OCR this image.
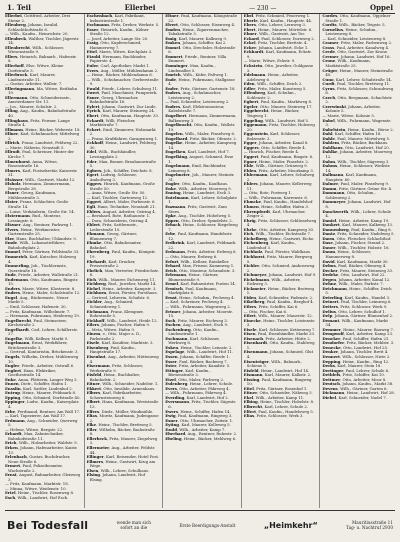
1. Teil	Ellerbei	— 230 —	Oppel

Ellerbei, Gottfried, Arbeiter, Drei Steine 2.

Ellenberg, Johann, Invalid, Schlachthofstraße 8.

— Wilh., Kaufm., Heinrichstr. 20.

Ellenbeck, Walther, Tischler, Jägerstr. 14.

Ellenbrecht, Wilh., Schlosser, Wiesenstraße 9.

Ellers, Heinrich, Bahnarb., Hafenstr. 8.

Ellerhoff, Else, Witwe, Kleine Dorfstraße 3.

Ellerbrock, Karl, Maurer, Lindenstraße 11.

— Gustav, Arbeiter, Wallstr. 7.

Elleringmann, Ida, Witwe, Reitbahn 19.

Ellermann, Otto, Schneidermstr., Amsterdamer Str. 11.

— Jos., Maurer, Schulstr. 2.

Elling, Aug., Kaufm., Bahnhofstraße 40.

Ellinghaus, Fritz, Former, Lange Straße 4.

Ellmann, Heinr., Bäcker, Weberstr. 18.

Ellner, Karl, Schuhmacher, Mittelweg 3.

Ellrich, Franz, Landwirt, Feldweg 22.

— Marie, Näherin, Neustadt 5.

Ellrodt, Paul, Schreiner, Hinter der Kirche 7.

Elmenhorst, Anna, Witwe, Rosenstraße 16.

Elmers, Karl, Postsekretär, Kaiserstr. 31.

Elsässer, Wilh., Gastwirt, Markt 12.

Elsholz, Hermann, Zimmermann, Bergstraße 28.

Elsner, Georg, Kaufmann, Mühlenstraße 3.

Elster, Franz, Schlachter, Große Straße 14.

— Luise, Verkäuferin, Große Str. 14.

Elstermann, Rud., Monteur, Lessingstr. 6.

Eltzner, Aug., Rentner, Parkweg 1.

Elvers, Heinr., Werkmeister, Gartenstraße 25.

Elze, Hans, Buchhalter, Uhlandstr. 9.

Emde, Wilh., Lokomotivführer, Bahnhofsplatz 2.

Emmel, Peter, Gärtner, Feldstraße 33.

Emmerich, Karl, Kutscher, Holzweg 4.

Emmerling, Joh., Tischlermstr., Querstraße 18.

Ende, Friedr., Arbeiter, Wallstraße 21.

Endemann, Otto, Kaufmann, Ringstr. 15.

Enders, Marie, Witwe, Klosterstr. 8.

Endres, Heinr., Maler, Schulstraße 12.

Engel, Aug., Bäckermstr., Neuer Markt 5.

— Emil, Schlosser, Hafenstr. 30.

— Fritz, Kaufmann, Wilhelmstr. 7.

— Hermann, Fuhrmann, Heideweg 19.

Engelbrecht, Paul, Steinsetzer, Kirchstraße 2.

Engelhardt, Carl, Lehrer, Schillerstr. 27.

Engelke, Willi, Kellner, Markt 9.

Engelmann, Ernst, Werkführer, Brückenstraße 3.

— Gertrud, Kontoristin, Brückenstr. 3.

Engels, Wilhelm, Dreher, Mühlenweg 10.

Engler, Friedr., Arbeiter, Ostwall 6.

Englert, Hans, Elektriker, Goethestraße 14.

Enke, Anna, Plätterin, Langer Weg 3.

Ennen, Dietr., Schiffer, Hafen 1.

Ensslin, Karl, Sattler, Lindenhof 2.

Entrup, Heinr., Maurer, Feldmark 8.

Epping, Otto, Schmied, Dorfstraße 40.

Eppinger, Ludw., Kaufm., Kaiserplatz 4.

Erbe, Ferdinand, Rentner, Am Wall 17.

— Karl, Tapezierer, Am Wall 17.

Erdmann, Aug., Schneider, Querweg 5.

— Helene, Witwe, Bergstr. 22.

Erhardt, Max, Zahntechniker, Bahnhofstraße 11.

Erich, Wilh., Holzarbeiter, Waldstr. 9.

Erken, Johann, Hafenarbeiter, Kaistr. 13.

Erlenbach, Gustav, Buchdrucker, Neue Straße 6.

Ermert, Paul, Polizeibeamter, Wachstraße 2.

Ernst, August, Bahnarbeiter, Gleisweg 3.

— Fritz, Kaufmann, Marktstr. 18.

— Minna, Witwe, Weidenstr. 10.

Ertel, Heinr., Tischler, Rosenweg 8.

Esch, Wilh., Landwirt, Hof Esch.

Eschenbach, Karl, Fabrikant, Industriestraße 1.

Eschmann, Fritz, Dreher, Werkstr. 5.

Esser, Heinrich, Kaufm., Kölner Straße 12.

— Josef, Arbeiter, Lange Str. 20.

Essig, Otto, Kupferschmied, Hammerweg 7.

Ettel, Marie, Witwe, Kirchplatz 3.

Etzold, Hermann, Buchbinder, Papierstr. 4.

Euler, Carl, Apotheker, Markt 1.

Evers, Aug., Müller, Mühlendamm 2.

— Heinr., Bäcker, Mühlendamm 6.

— Wilh., Schuhmacher, Gerberstraße 9.

Ewald, Friedr., Lehrer, Schulweg 11.

Ewert, Paul, Maschinist, Pumpwerk.

Exner, Georg, Uhrmacher, Bahnhofstraße 16.

Eylert, Johann, Gastwirt, Zur Linde.

Eyrich, Karl, Maurer, Steinweg 24.

Ebert, Otto, Kaufmann, Hauptstr. 33.

Eckardt, Willi, Fleischer, Marktstraße 7.

Eckert, Emil, Zimmerer, Holzmarkt 2.

— Franz, Kraftfahrer, Garagenweg 1.

Eckhoff, Heinr., Landwirt, Feldweg 30.

Edel, Wilh., Buchhändler, Lessingplatz 2.

Eder, Max, Brauer, Brauhausstraße 5.

Egbers, Joh., Schiffer, Deichstr. 8.

Egert, Ludwig, Schlosser, Amboßweg 3.

Eggers, Hinrich, Kaufmann, Große Straße 50.

— Anna, Witwe, Große Str. 50.

— Karl, Tischler, Gartenweg 12.

Eggert, Albert, Maler, Farbenstr. 6.

Egli, Hans, Techniker, Neustadt 21.

Ehlers, August, Arbeiter, Ostring 4.

— Bernhard, Bote, Rathausstr. 1.

— Dora, Schneiderin, Ostring 4.

Ehlert, Fritz, Sattlermstr., Lederstraße 10.

Ehmann, Georg, Gärtner, Blumenweg 7.

Ehmke, Otto, Bahnbeamter, Bahnhof.

Ehrenberg, Paul, Kaufm., Königstr. 19.

Ehrhardt, Karl, Drucker, Pressestraße 2.

Ehrlich, Max, Vertreter, Friedrichstr. 8.

Eich, Wilh., Maurer, Eichenweg 11.

Eichberg, Rud., Juwelier, Markt 14.

Eichel, Heinr., Arbeiter, Kampstr. 3.

Eichhorn, Ernst, Förster, Forsthaus.

— Gertrud, Lehrerin, Schulstr. 6.

Eichler, Aug., Schmied, Schmiedeweg 1.

Eichmann, Franz, Klempner, Rohrstraße 5.

Eickhoff, Wilh., Landwirt, Heide 12.

Eilers, Johann, Fischer, Hafen 9.

— Meta, Witwe, Hafen 9.

Einem, v., Otto, Major a. D., Parkstraße 2.

Eisele, Karl, Konditor, Marktstr. 3.

Eisenberg, Paul, Kaufm., Hauptstraße 17.

Eisenhut, Aug., Arbeiter, Hüttenweg 4.

Eisermann, Fritz, Schlosser, Werkstraße 9.

Eisfeld, Heinr., Buchhalter, Bahnhofstr. 2.

Eitner, Wilh., Schneider, Nadelstr. 1.

Ekkert, Otto, Invalide, Armenhaus.

Elbers, Karl, Fabrikarbeiter, Schornsteinweg 6.

Elbert, Hans, Kaufmann, Weststraße 13.

Elfers, Diedr., Müller, Windmühle.

Elias, Moritz, Kaufmann, Judengasse 2.

Elke, Heinr., Tischler, Brettweg 5.

Eller, Wilhelm, Bäcker, Backstraße 8.

Ellerbeck, Fritz, Maurer, Ziegelweg 3.

Ellermeier, Aug., Arbeiter, Feldstr. 44.

Ellinger, Karl, Reisender, Hotel Post.

Ellmers, Heinr., Gastwirt, Krug am Wege.

Elsen, Wilh., Lehrer, Schulhaus.

Elsing, Johann, Landwirt, Hof Elsing.

Eltner, Paul, Kaufmann, Königstraße 22.

Elvert, Otto, Schlosser, Eisenweg 4.

Emden, Heinr., Zigarrenmacher, Tabakstraße 3.

Emig, Karl, Maurer, Kalkweg 9.

Emken, Johann, Schiffer, Kai 2.

Emmel, Otto, Drechsler, Holzstraße 6.

Emmert, Friedr., Rentner, Villa Emmert.

Emminger, Max, Kaufm., Lindenallee 5.

Emrich, Wilh., Küfer, Faßweg 1.

Ende, Heinr., Fuhrmann, Stallgasse 4.

Ender, Fritz, Gärtner, Gartenstr. 18.

Enders, Aug., Schuhmacher, Leistenweg 2.

— Paul, Schneider, Leistenweg 2.

Endres, Karl, Elektromonteur, Kabelstraße 7.

Engelbert, Hermann, Zimmermann, Balkenweg 3.

Engelbracht, Otto, Kaufm., Wallstr. 19.

Engelen, Wilh., Maler, Pinselweg 6.

Engelhard, Fritz, Bäcker, Ofenstr. 2.

Engelke, Heinr., Arbeiter, Kampweg 14.

Engelken, Karl, Landwirt, Hof 7.

Engelking, August, Schmied, Esse 1.

Engelmann, Emil, Buchbinder, Leimweg 8.

Engelmeier, Joh., Maurer, Steinstr. 31.

Engler, Otto, Kaufm., Kaufhaus.

Enke, Wilh., Arbeiter, Moorweg 9.

Enning, Heinr., Landwirt, Esch 3.

Entelmann, Karl, Lehrer, Schulplatz 1.

Enzmann, Fritz, Gastwirt, Zum Stern.

Epke, Aug., Tischler, Hobelweg 5.

Eppen, Otto, Dreher, Spindelstr. 2.

Erbach, Heinr., Schlosser, Riegelweg 7.

Erbe, Paul, Kaufmann, Handelsstr. 12.

Erdbrink, Karl, Landwirt, Feldmark 22.

Erdmann, Fritz, Arbeiter, Erdweg 6.

— Otto, Maurer, Erdweg 6.

Erfurt, Wilh., Kellner, Ratskeller.

Erhard, Max, Friseur, Kammweg 1.

Erich, Otto, Monteur, Schraubstr. 3.

Erlemann, Heinr., Gärtner, Blumenstraße 9.

Ermel, Karl, Bahnwärter, Posten 14.

Ermisch, Paul, Kaufmann, Marktplatz 6.

Ernst, Heinr., Schuhm., Pechweg 4.

— Karl, Schreiner, Pechweg 4.

— Wilh., Fuhrmann, Wagenweg 2.

Ertmer, Johann, Arbeiter, Moorstr. 15.

Esch, Fritz, Maurer, Eschweg 3.

Eschen, Aug., Landwirt, Esch 9.

Eschenburg, Otto, Kaufm., Lindenstraße 1.

Eschmann, Karl, Schlosser, Werkweg 8.

Esken, Heinr., Tischler, Leimstr. 2.

Espelage, Wilh., Landwirt, Hof 11.

Essen, Johann, Schiffer, Reede 1.

Esser, Paul, Bäcker, Backweg 7.

Ester, Fritz, Arbeiter, Kanalstr. 5.

Ettinger, Karl, Kaufm., Börsenstraße 3.

Etzel, Otto, Maler, Farbweg 2.

Eulenberg, Heinr., Lehrer, Schule.

Evers, Otto, Arbeiter, Fährweg 4.

— Wilh., Fuhrmann, Fährweg 4.

Everding, Karl, Landwirt, Hof 2.

Eversmann, Fritz, Tischler, Sägestr. 6.

Ewers, Heinr., Schiffer, Hafen 14.

Ewig, Paul, Kaufmann, Ringweg 3.

Exner, Otto, Uhrmacher, Zeitstr. 1.

Eyting, Karl, Maurer, Kelleweg 5.

Ezold, Wilh., Arbeiter, Kamp 7.

Eberhard, Aug., Rentner, Ruhestr. 2.

Ebeling, Heinr., Bäcker, Mehlweg 6.

Ebel, Fritz, Schmied, Feuerweg 1.

Eberle, Karl, Kaufm., Hauptstr. 44.

Ebers, Otto, Lehrer, Lernweg 3.

Ebert, Heinr., Maurer, Mörtelstr. 8.

Ebner, Wilh., Gastwirt, Am Tor.

Eckard, Paul, Schlosser, Dornweg 2.

Eckel, Fritz, Tischler, Brettstr. 4.

Ecker, Johann, Landwirt, Ecke 1.

Eckhardt, Karl, Kaufmann, Eckstr. 9.

— Marie, Witwe, Eckstr. 9.

Eckstein, Otto, Juwelier, Goldgasse 3.

Edelmann, Heinr., Arbeiter, Adelsweg 6.

Eden, Wilh., Schiffer, Deich 2.

Edler, Fritz, Maler, Kunstweg 5.

Effenberg, Karl, Schuhm., Sohlenstr. 2.

Egbert, Paul, Kaufm., Marktweg 8.

Egeler, Otto, Maurer, Steinweg 17.

Eggebrecht, Heinr., Bäcker, Teigweg 1.

Eggeling, Wilh., Landwirt, Hof 5.

Eggemann, Fritz, Tischler, Holzweg 20.

Eggenstein, Karl, Schlosser, Bolzenstr. 3.

Egger, Johann, Arbeiter, Kanal 8.

Eggers, Otto, Schiffer, Reede 4.

— Hinrich, Fischer, Reede 4.

Eggert, Paul, Kaufmann, Ringstr. 6.

Egner, Heinr., Maler, Pinselstr. 2.

Ehle, Wilh., Gärtner, Grünweg 9.

Ehlen, Fritz, Arbeiter, Moorkamp 3.

Ehlermann, Karl, Lehrer, Schulweg 2.

Ehlers, Johann, Maurer, Kellerweg 11.

— Otto, Bote, Postweg 1.

— Wilh., Fuhrmann, Karrenstr. 6.

Ehmcke, Paul, Kaufm., Handelshof.

Ehmen, Heinr., Schiffer, Hafen 3.

Ehrenpfordt, Karl, Uhrmacher, Zeiger 2.

Ehrig, Fritz, Schlosser, Schlüsselweg 4.

Ehrke, Otto, Arbeiter, Kampweg 30.

Eich, Wilh., Tischler, Eichstraße 7.

Eichelberg, Heinr., Gastwirt, Eiche.

Eichenberg, Karl, Kaufm., Lindenhof 3.

Eichholz, Paul, Förster, Waldhaus.

Eichhorst, Fritz, Maurer, Bergweg 5.

Eichler, Otto, Schmied, Ambossweg 2.

Eichmeyer, Johann, Landwirt, Hof 9.

Eickelmann, Wilh., Arbeiter, Eickweg 3.

Eickmeier, Heinr., Bäcker, Brotweg 1.

Eiden, Karl, Schneider, Fadenstr. 2.

Eikelberg, Paul, Kaufm., Berghof 4.

Eilers, Fritz, Schiffer, Kai 6.

— Otto, Fischer, Kai 6.

Eilert, Wilh., Maurer, Mauerstr. 12.

Einecke, Heinr., Tischler, Leistenstr. 3.

Eisele, Karl, Schlosser, Kettenweg 7.

Eisen, Paul, Eisenhändler, Markt 20.

Eisenach, Fritz, Arbeiter, Hütte 2.

Eisenhardt, Otto, Kaufm., Stahlweg 1.

Eisenmann, Johann, Schmied, Glut 4.

Eisenträger, Wilh., Bahnarb., Schiene 5.

Eisfeld, Heinr., Landwirt, Hof 14.

Eismann, Karl, Maurer, Kalkstr. 2.

Eissing, Paul, Kaufmann, Ringweg 10.

Eitel, Fritz, Gärtner, Rosenhof 1.

Eitner, Otto, Schneider, Nähweg 3.

Ekel, Wilh., Arbeiter, Kamp 11.

Elbing, Heinr., Tischler, Hobelstr. 8.

Elbrecht, Karl, Lehrer, Schule 2.

Elfert, Paul, Kaufm., Handelsweg 5.

Elias, Fritz, Schlosser, Werk 3.

Cordes, Otto, Kaufmann, Oppelner Straße 1.

Cordts, Wilh., Bäcker, Teigstr. 5.

Cornelius, Heinr., Schuhm., Leistenweg 8.

— Karl, Schneider, Leistenweg 8.

Cramer, Fritz, Maler, Farbenweg 2.

Crass, Paul, Arbeiter, Kanalweg 4.

Crede, Otto, Gastwirt, Zur Krone.

Cremer, Johann, Landwirt, Hof 16.

Crone, Wilh., Kaufmann, Marktstraße 25.

Crüger, Heinr., Maurer, Steinstraße 40.

Cuno, Karl, Lehrer, Schulstraße 14.

Curdt, Paul, Tischler, Brettweg 11.

Cyrus, Fritz, Schlosser, Schraubweg 6.

Czech, Otto, Bergmann, Schachtstr. 2.

Czerwinski, Johann, Arbeiter, Kolonie 5.

— Marie, Witwe, Kolonie 5.

Dabel, Wilh., Fuhrmann, Wagenstr. 3.

Dabelstein, Heinr., Kaufm., Börse 2.

Dahl, Karl, Schiffer, Hafen 18.

Dahle, Paul, Maurer, Mörtelweg 5.

Dahlem, Fritz, Bäcker, Backhaus.

Dahlhaus, Otto, Landwirt, Hof 20.

Dahlke, Johann, Arbeiter, Moorweg 12.

Dahm, Wilh., Tischler, Sägeweg 3.

Dahms, Heinr., Schlosser, Werkstr. 14.

Dallmann, Karl, Kaufmann, Hauptstr. 60.

Dalmer, Paul, Maler, Pinselweg 9.

Damm, Fritz, Gärtner, Grüne Str. 4.

Dammann, Otto, Schuhm., Sohlenweg 2.

Dammeyer, Johann, Landwirt, Hof 8.

Danckwerth, Wilh., Lehrer, Schule 4.

Daniel, Heinr., Arbeiter, Kamp 19.

Dankert, Karl, Maurer, Kalkweg 13.

Dannenberg, Paul, Kaufm., Ring 8.

Dantz, Fritz, Schneider, Nadelweg 5.

Darm, Otto, Fleischer, Schlachthof.

Dase, Johann, Fischer, Strand 2.

Dauer, Wilh., Tischler, Holzstr. 16.

Daum, Heinr., Schlosser, Hammerweg 8.

David, Karl, Kaufmann, Markt 30.

Debus, Paul, Bäcker, Ofenweg 4.

Decker, Fritz, Maurer, Steinweg 33.

Dedeke, Otto, Landwirt, Hof 22.

Degen, Johann, Arbeiter, Kanal 12.

Dehne, Wilh., Maler, Farbstr. 7.

Deichmann, Heinr., Schiffer, Deich 5.

Deierling, Karl, Kaufm., Handel 3.

Deinert, Paul, Tischler, Leimweg 6.

Deiters, Fritz, Schlosser, Werk 9.

Delius, Otto, Lehrer, Schulhof 1.

Delp, Johann, Gärtner, Blumenhof 2.

Demant, Wilh., Kaufmann, Markt 34.

Demmer, Heinr., Maurer, Bauweg 7.

Dempwolf, Karl, Arbeiter, Kamp 23.

Dencker, Paul, Schiffer, Hafen 21.

Dendorfer, Fritz, Bäcker, Mehlstr. 3.

Denecke, Otto, Landwirt, Hof 25.

Denker, Johann, Tischler, Brett 4.

Dennert, Wilh., Schlosser, Niete 2.

Depping, Heinr., Kaufm., Ring 12.

Derks, Karl, Maurer, Stein 18.

Dertinger, Paul, Lehrer, Schule 6.

Dethlefs, Fritz, Schiffer, Kai 10.

Dettmer, Otto, Arbeiter, Moor 8.

Deutsch, Johann, Kaufm., Markt 38.

Devens, Wilh., Gärtner, Garten 6.

Dickmann, Heinr., Landwirt, Hof 28.

Diebel, Karl, Schneider, Nadel 7.

Bei Todesfall	wende man sich
sofort an die	Erste Beerdigungs-Anstalt	„Heimkehr“	Mauritiusstraße 11
Tag- u. Nachtruf 2930
